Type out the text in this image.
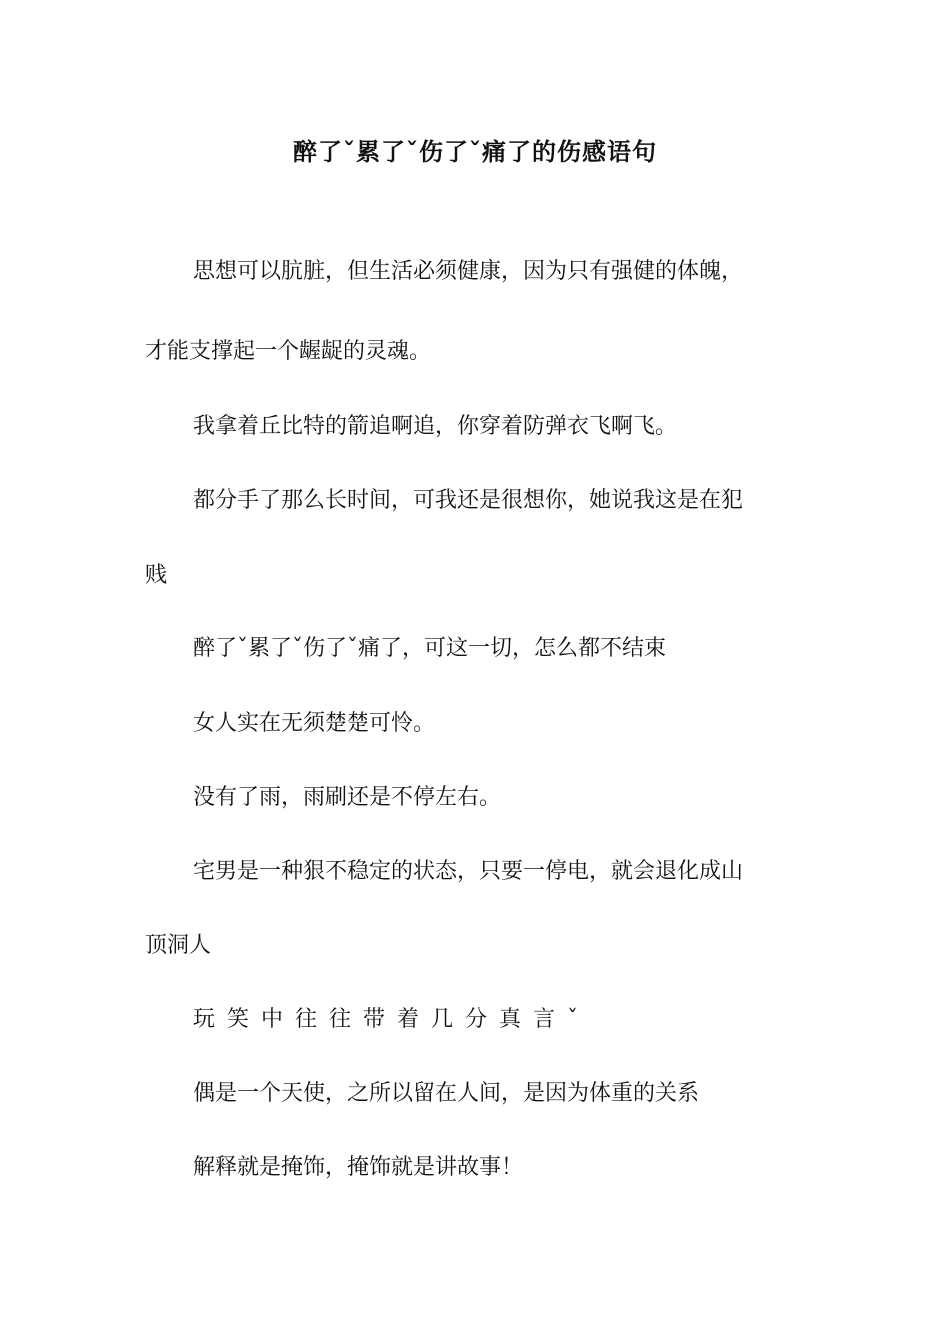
醉了ˇ累了ˇ伤了ˇ痛了的伤感语句
思想可以肮脏，但生活必须健康，因为只有强健的体魄，
才能支撑起一个龌龊的灵魂。
我拿着丘比特的箭追啊追，你穿着防弹衣飞啊飞。
都分手了那么长时间，可我还是很想你，她说我这是在犯
贱
醉了ˇ累了ˇ伤了ˇ痛了，可这一切，怎么都不结束
女人实在无须楚楚可怜。
没有了雨，雨刷还是不停左右。
宅男是一种狠不稳定的状态，只要一停电，就会退化成山
顶洞人
玩笑中往往带着几分真言ˇ
偶是一个天使，之所以留在人间，是因为体重的关系
解释就是掩饰，掩饰就是讲故事！
